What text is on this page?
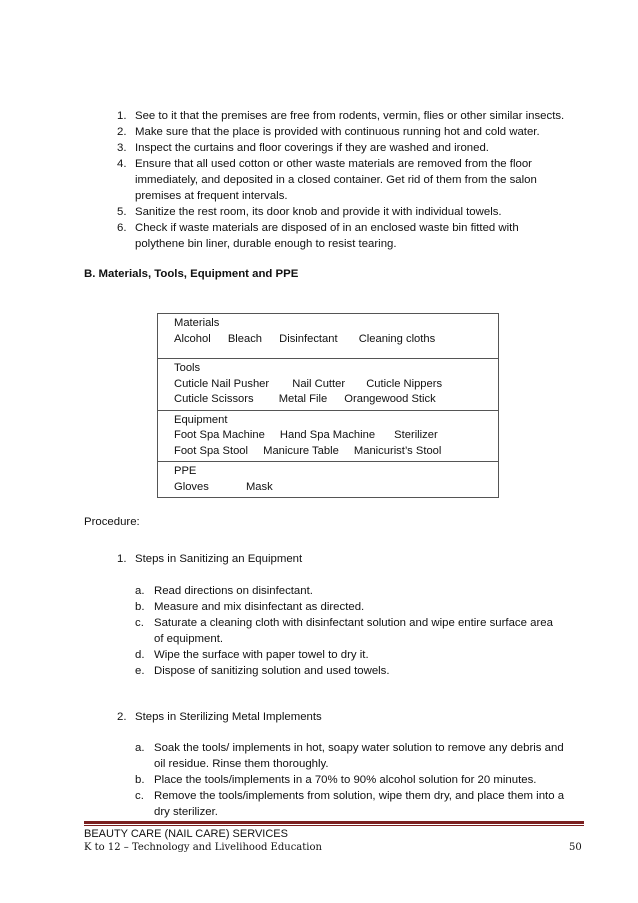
1. See to it that the premises are free from rodents, vermin, flies or other similar insects.
2. Make sure that the place is provided with continuous running hot and cold water.
3. Inspect the curtains and floor coverings if they are washed and ironed.
4. Ensure that all used cotton or other waste materials are removed from the floor
immediately, and deposited in a closed container. Get rid of them from the salon
premises at frequent intervals.
5. Sanitize the rest room, its door knob and provide it with individual towels.
6. Check if waste materials are disposed of in an enclosed waste bin fitted with
polythene bin liner, durable enough to resist tearing.
B. Materials, Tools, Equipment and PPE
Materials
Alcohol Bleach Disinfectant Cleaning cloths

Tools
Cuticle Nail Pusher Nail Cutter Cuticle Nippers
Cuticle Scissors Metal File Orangewood Stick

Equipment
Foot Spa Machine Hand Spa Machine Sterilizer
Foot Spa Stool Manicure Table Manicurist’s Stool

PPE
Gloves	Mask
Procedure:
1. Steps in Sanitizing an Equipment
a. Read directions on disinfectant.
b. Measure and mix disinfectant as directed.
c. Saturate a cleaning cloth with disinfectant solution and wipe entire surface area
of equipment.
d. Wipe the surface with paper towel to dry it.
e. Dispose of sanitizing solution and used towels.
2. Steps in Sterilizing Metal Implements
a. Soak the tools/ implements in hot, soapy water solution to remove any debris and
oil residue. Rinse them thoroughly.
b. Place the tools/implements in a 70% to 90% alcohol solution for 20 minutes.
c. Remove the tools/implements from solution, wipe them dry, and place them into a
dry sterilizer.
BEAUTY CARE (NAIL CARE) SERVICES
K to 12 – Technology and Livelihood Education	50
